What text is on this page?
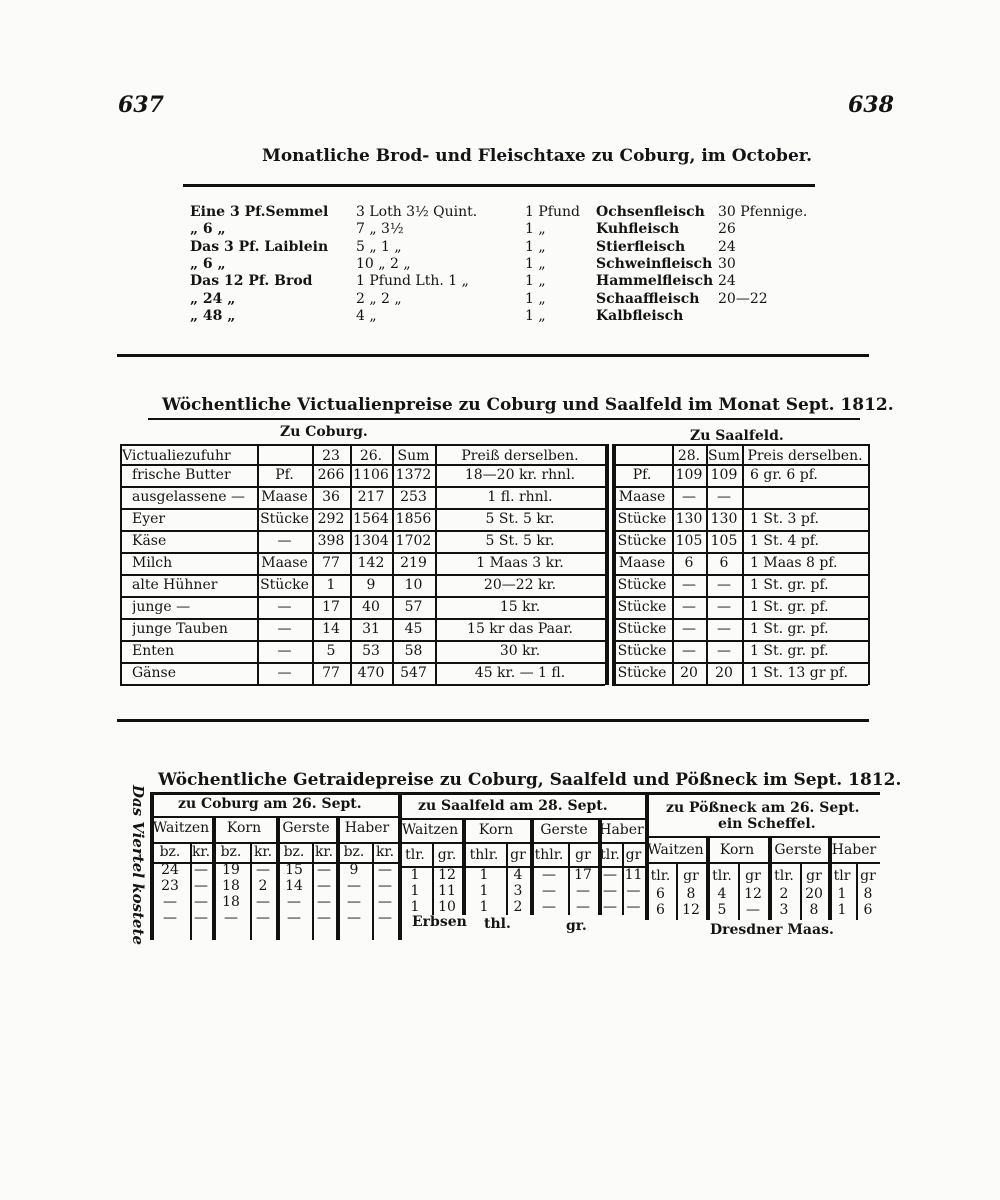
637	638
Monatliche Brod- und Fleischtaxe zu Coburg, im October.
Eine 3 Pf.Semmel	3 Loth 3½ Quint.	1 Pfund	Ochsenfleisch 30 Pfennige.
„ 6 „	7 „ 3½	1 „	Kuhfleisch	26
Das 3 Pf. Laiblein	5 „ 1 „	1 „	Stierfleisch	24
„ 6 „	10 „ 2 „	1 „	Schweinfleisch 30
Das 12 Pf. Brod	1 Pfund Lth. 1 „	1 „	Hammelfleisch 24
„ 24 „	2 „ 2 „	1 „	Schaaffleisch	20—22
„ 48 „	4 „	1 „	Kalbfleisch
Wöchentliche Victualienpreise zu Coburg und Saalfeld im Monat Sept. 1812.
Zu Coburg.	Zu Saalfeld.
Victualiezufuhr	23	26.	Sum	Preiß derselben.	28. Sum Preis derselben.
frische Butter	Pf.	266 1106 1372	18—20 kr. rhnl.	Pf.	109 109 6 gr. 6 pf.
ausgelassene —	Maase	36	217	253	1 fl. rhnl.	Maase	—	—
Eyer	Stücke 292 1564 1856	5 St. 5 kr.	Stücke 130 130 1 St. 3 pf.
Käse	—	398 1304 1702	5 St. 5 kr.	Stücke 105 105 1 St. 4 pf.
Milch	Maase	77	142	219	1 Maas 3 kr.	Maase	6	6	1 Maas 8 pf.
alte Hühner	Stücke	1	9	10	20—22 kr.	Stücke	—	—	1 St. gr. pf.
junge —	—	17	40	57	15 kr.	Stücke	—	—	1 St. gr. pf.
junge Tauben	—	14	31	45	15 kr das Paar.	Stücke	—	—	1 St. gr. pf.
Enten	—	5	53	58	30 kr.	Stücke	—	—	1 St. gr. pf.
Gänse	—	77	470	547	45 kr. — 1 fl.	Stücke 20	20	1 St. 13 gr pf.
Wöchentliche Getraidepreise zu Coburg, Saalfeld und Pößneck im Sept. 1812.
Das Viertel kostete zu Coburg am 26. Sept.	zu Saalfeld am 28. Sept.	zu Pößneck am 26. Sept.
ein Scheffel.
Waitzen	Korn	Gerste	Haber
bz. kr. bz. kr. bz. kr. bz. kr.
24	—	19	—	15	—	9	—
23	—	18	2	14	—	—	—
—	—	18	—	—	—	—	—
—	—	—	—	—	—	—	—
Waitzen	Korn	Gerste Haber
tlr. gr. thlr. gr thlr. gr tlr. gr
1	12	1	4	—	17 — 11
1	11	1	3	—	— — —
1	10	1	2	—	— — —
Waitzen	Korn	Gerste Haber
tlr. gr tlr. gr tlr. gr tlr gr
6	8	4	12	2	20	1	8
6	12	5	—	3	8	1	6
Erbsen thl.	gr.	Dresdner Maas.
